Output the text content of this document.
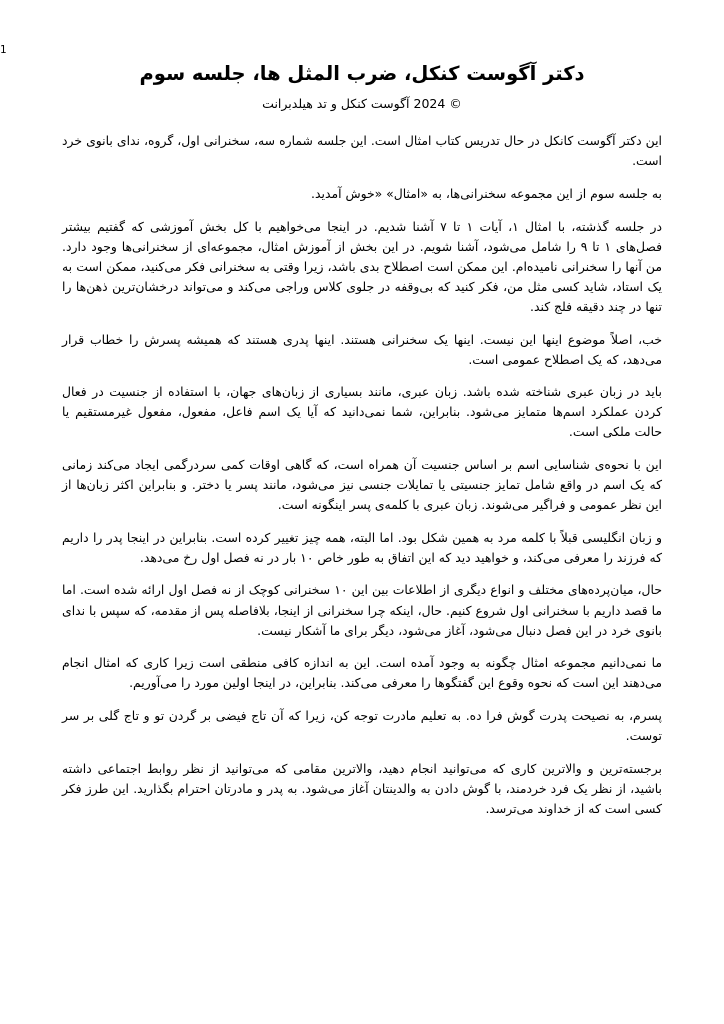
1
دکتر آگوست کنکل، ضرب المثل ها، جلسه سوم
© 2024 آگوست کنکل و تد هیلدبرانت

این دکتر آگوست کانکل در حال تدریس کتاب امثال است. این جلسه شماره سه، سخنرانی اول، گروه، ندای بانوی خرد است.

به جلسه سوم از این مجموعه سخنرانی‌ها، به «امثال» «خوش آمدید.

در جلسه گذشته، با امثال ۱، آیات ۱ تا ۷ آشنا شدیم. در اینجا می‌خواهیم با کل بخش آموزشی که گفتیم بیشتر فصل‌های ۱ تا ۹ را شامل می‌شود، آشنا شویم. در این بخش از آموزش امثال، مجموعه‌ای از سخنرانی‌ها وجود دارد. من آنها را سخنرانی نامیده‌ام. این ممکن است اصطلاح بدی باشد، زیرا وقتی به سخنرانی فکر می‌کنید، ممکن است به یک استاد، شاید کسی مثل من، فکر کنید که بی‌وقفه در جلوی کلاس وراجی می‌کند و می‌تواند درخشان‌ترین ذهن‌ها را تنها در چند دقیقه فلج کند.

خب، اصلاً موضوع اینها این نیست. اینها یک سخنرانی هستند. اینها پدری هستند که همیشه پسرش را خطاب قرار می‌دهد، که یک اصطلاح عمومی است.

باید در زبان عبری شناخته شده باشد. زبان عبری، مانند بسیاری از زبان‌های جهان، با استفاده از جنسیت در فعال کردن عملکرد اسم‌ها متمایز می‌شود. بنابراین، شما نمی‌دانید که آیا یک اسم فاعل، مفعول، مفعول غیرمستقیم یا حالت ملکی است.

این با نحوه‌ی شناسایی اسم بر اساس جنسیت آن همراه است، که گاهی اوقات کمی سردرگمی ایجاد می‌کند زمانی که یک اسم در واقع شامل تمایز جنسیتی یا تمایلات جنسی نیز می‌شود، مانند پسر یا دختر. و بنابراین اکثر زبان‌ها از این نظر عمومی و فراگیر می‌شوند. زبان عبری با کلمه‌ی پسر اینگونه است.

و زبان انگلیسی قبلاً با کلمه مرد به همین شکل بود. اما البته، همه چیز تغییر کرده است. بنابراین در اینجا پدر را داریم که فرزند را معرفی می‌کند، و خواهید دید که این اتفاق به طور خاص ۱۰ بار در نه فصل اول رخ می‌دهد.

حال، میان‌پرده‌های مختلف و انواع دیگری از اطلاعات بین این ۱۰ سخنرانی کوچک از نه فصل اول ارائه شده است. اما ما قصد داریم با سخنرانی اول شروع کنیم. حال، اینکه چرا سخنرانی از اینجا، بلافاصله پس از مقدمه، که سپس با ندای بانوی خرد در این فصل دنبال می‌شود، آغاز می‌شود، دیگر برای ما آشکار نیست.

ما نمی‌دانیم مجموعه امثال چگونه به وجود آمده است. این به اندازه کافی منطقی است زیرا کاری که امثال انجام می‌دهند این است که نحوه وقوع این گفتگوها را معرفی می‌کند. بنابراین، در اینجا اولین مورد را می‌آوریم.

پسرم، به نصیحت پدرت گوش فرا ده. به تعلیم مادرت توجه کن، زیرا که آن تاج فیضی بر گردن تو و تاج گلی بر سر توست.

برجسته‌ترین و والاترین کاری که می‌توانید انجام دهید، والاترین مقامی که می‌توانید از نظر روابط اجتماعی داشته باشید، از نظر یک فرد خردمند، با گوش دادن به والدینتان آغاز می‌شود. به پدر و مادرتان احترام بگذارید. این طرز فکر کسی است که از خداوند می‌ترسد.
